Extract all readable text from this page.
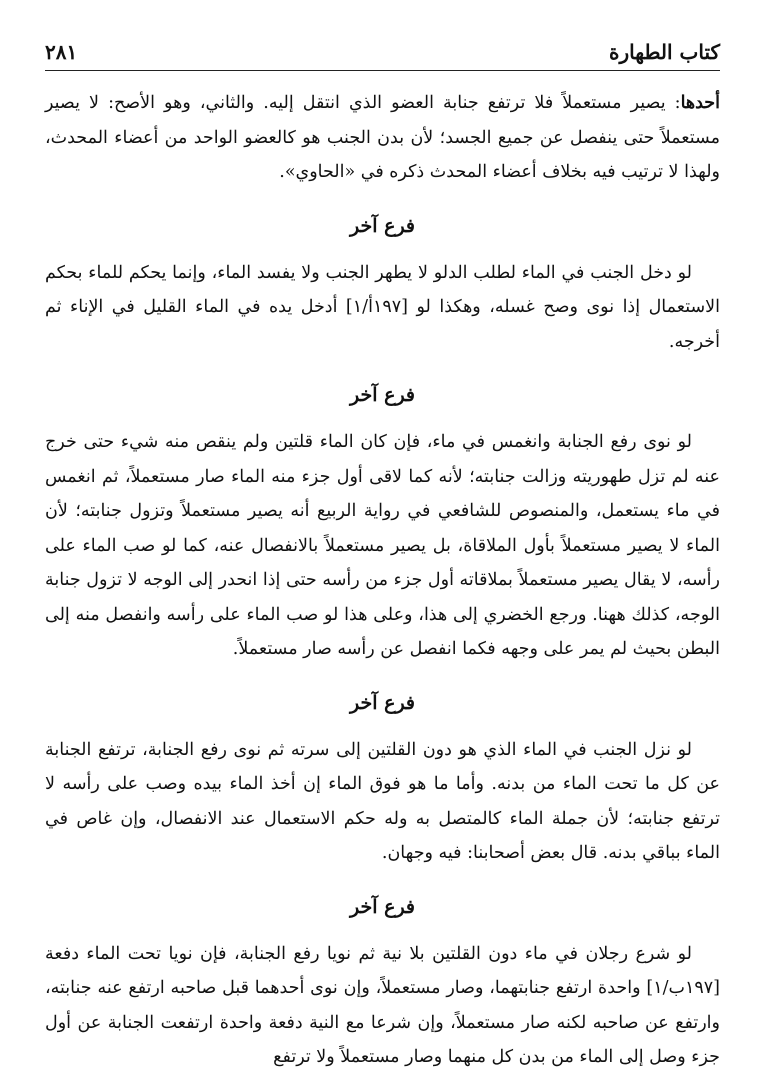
كتاب الطهارة
٢٨١

أحدها: يصير مستعملاً فلا ترتفع جنابة العضو الذي انتقل إليه. والثاني، وهو الأصح: لا يصير مستعملاً حتى ينفصل عن جميع الجسد؛ لأن بدن الجنب هو كالعضو الواحد من أعضاء المحدث، ولهذا لا ترتيب فيه بخلاف أعضاء المحدث ذكره في «الحاوي».

فرع آخر

لو دخل الجنب في الماء لطلب الدلو لا يطهر الجنب ولا يفسد الماء، وإنما يحكم للماء بحكم الاستعمال إذا نوى وصح غسله، وهكذا لو [١٩٧أ/١] أدخل يده في الماء القليل في الإناء ثم أخرجه.

فرع آخر

لو نوى رفع الجنابة وانغمس في ماء، فإن كان الماء قلتين ولم ينقص منه شيء حتى خرج عنه لم تزل طهوريته وزالت جنابته؛ لأنه كما لاقى أول جزء منه الماء صار مستعملاً، ثم انغمس في ماء يستعمل، والمنصوص للشافعي في رواية الربيع أنه يصير مستعملاً وتزول جنابته؛ لأن الماء لا يصير مستعملاً بأول الملاقاة، بل يصير مستعملاً بالانفصال عنه، كما لو صب الماء على رأسه، لا يقال يصير مستعملاً بملاقاته أول جزء من رأسه حتى إذا انحدر إلى الوجه لا تزول جنابة الوجه، كذلك ههنا. ورجع الخضري إلى هذا، وعلى هذا لو صب الماء على رأسه وانفصل منه إلى البطن بحيث لم يمر على وجهه فكما انفصل عن رأسه صار مستعملاً.

فرع آخر

لو نزل الجنب في الماء الذي هو دون القلتين إلى سرته ثم نوى رفع الجنابة، ترتفع الجنابة عن كل ما تحت الماء من بدنه. وأما ما هو فوق الماء إن أخذ الماء بيده وصب على رأسه لا ترتفع جنابته؛ لأن جملة الماء كالمتصل به وله حكم الاستعمال عند الانفصال، وإن غاص في الماء بباقي بدنه. قال بعض أصحابنا: فيه وجهان.

فرع آخر

لو شرع رجلان في ماء دون القلتين بلا نية ثم نويا رفع الجنابة، فإن نويا تحت الماء دفعة [١٩٧ب/١] واحدة ارتفع جنابتهما، وصار مستعملاً، وإن نوى أحدهما قبل صاحبه ارتفع عنه جنابته، وارتفع عن صاحبه لكنه صار مستعملاً، وإن شرعا مع النية دفعة واحدة ارتفعت الجنابة عن أول جزء وصل إلى الماء من بدن كل منهما وصار مستعملاً ولا ترتفع
